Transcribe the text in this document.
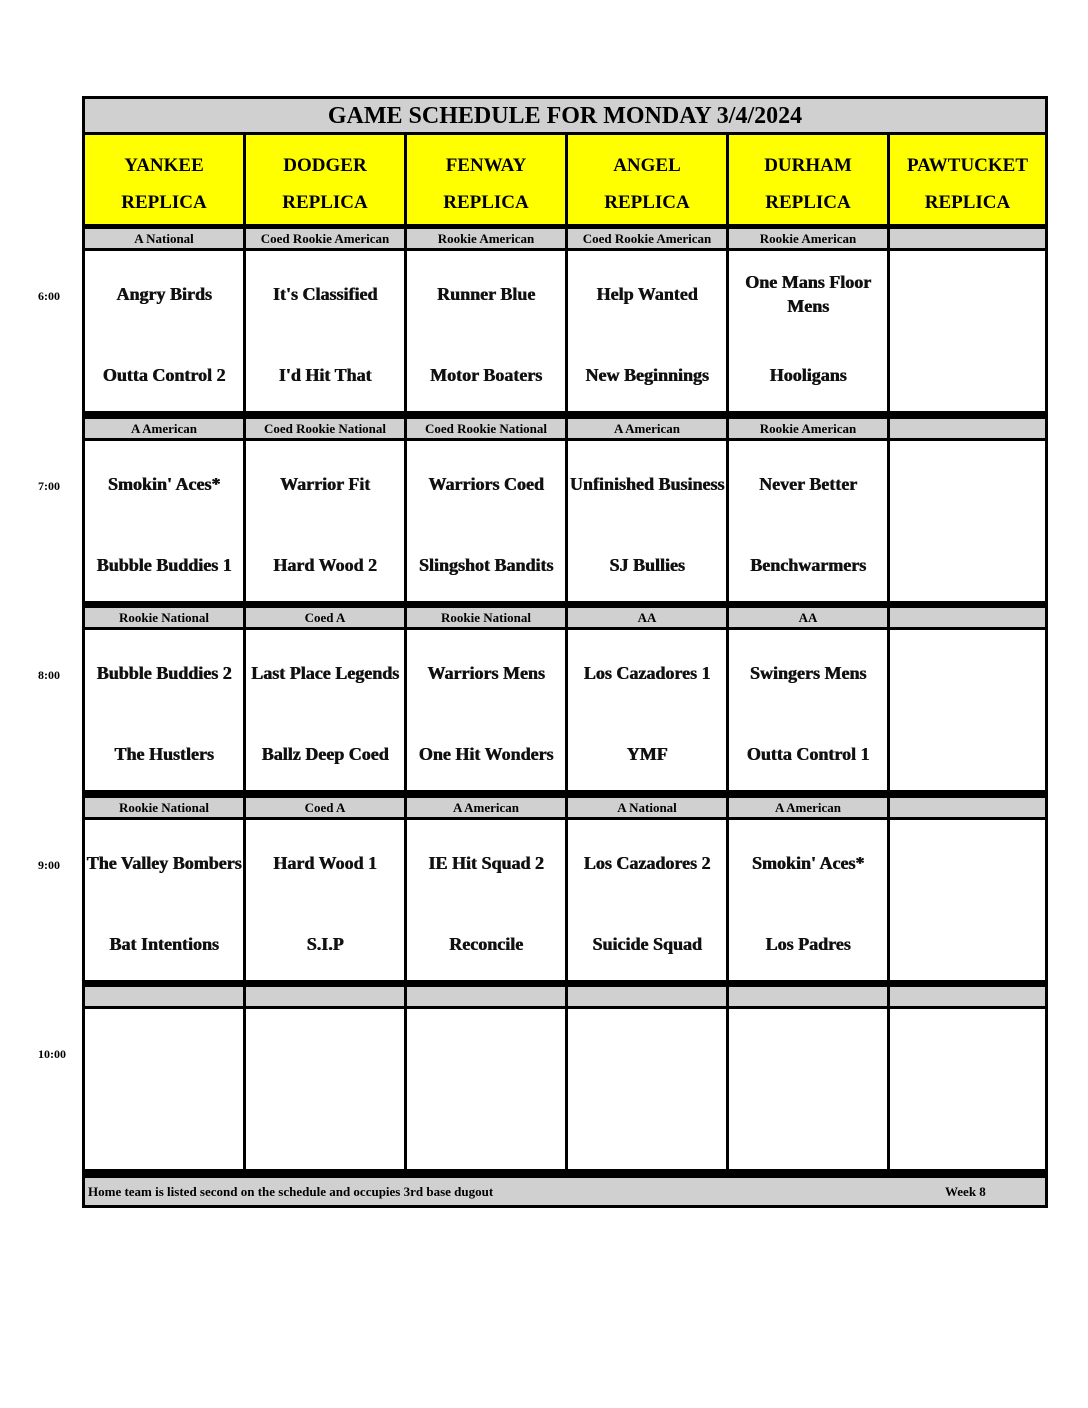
GAME SCHEDULE FOR MONDAY 3/4/2024
YANKEE
REPLICA
DODGER
REPLICA
FENWAY
REPLICA
ANGEL
REPLICA
DURHAM
REPLICA
PAWTUCKET
REPLICA
A National
Angry Birds
Outta Control 2
Coed Rookie American
It's Classified
I'd Hit That
Rookie American
Runner Blue
Motor Boaters
Coed Rookie American
Help Wanted
New Beginnings
Rookie American
One Mans Floor Mens
Hooligans
A American
Smokin' Aces*
Bubble Buddies 1
Coed Rookie National
Warrior Fit
Hard Wood 2
Coed Rookie National
Warriors Coed
Slingshot Bandits
A American
Unfinished Business
SJ Bullies
Rookie American
Never Better
Benchwarmers
Rookie National
Bubble Buddies 2
The Hustlers
Coed A
Last Place Legends
Ballz Deep Coed
Rookie National
Warriors Mens
One Hit Wonders
AA
Los Cazadores 1
YMF
AA
Swingers Mens
Outta Control 1
Rookie National
The Valley Bombers
Bat Intentions
Coed A
Hard Wood 1
S.I.P
A American
IE Hit Squad 2
Reconcile
A National
Los Cazadores 2
Suicide Squad
A American
Smokin' Aces*
Los Padres
Home team is listed second on the schedule and occupies 3rd base dugout	Week 8
6:00
7:00
8:00
9:00
10:00
